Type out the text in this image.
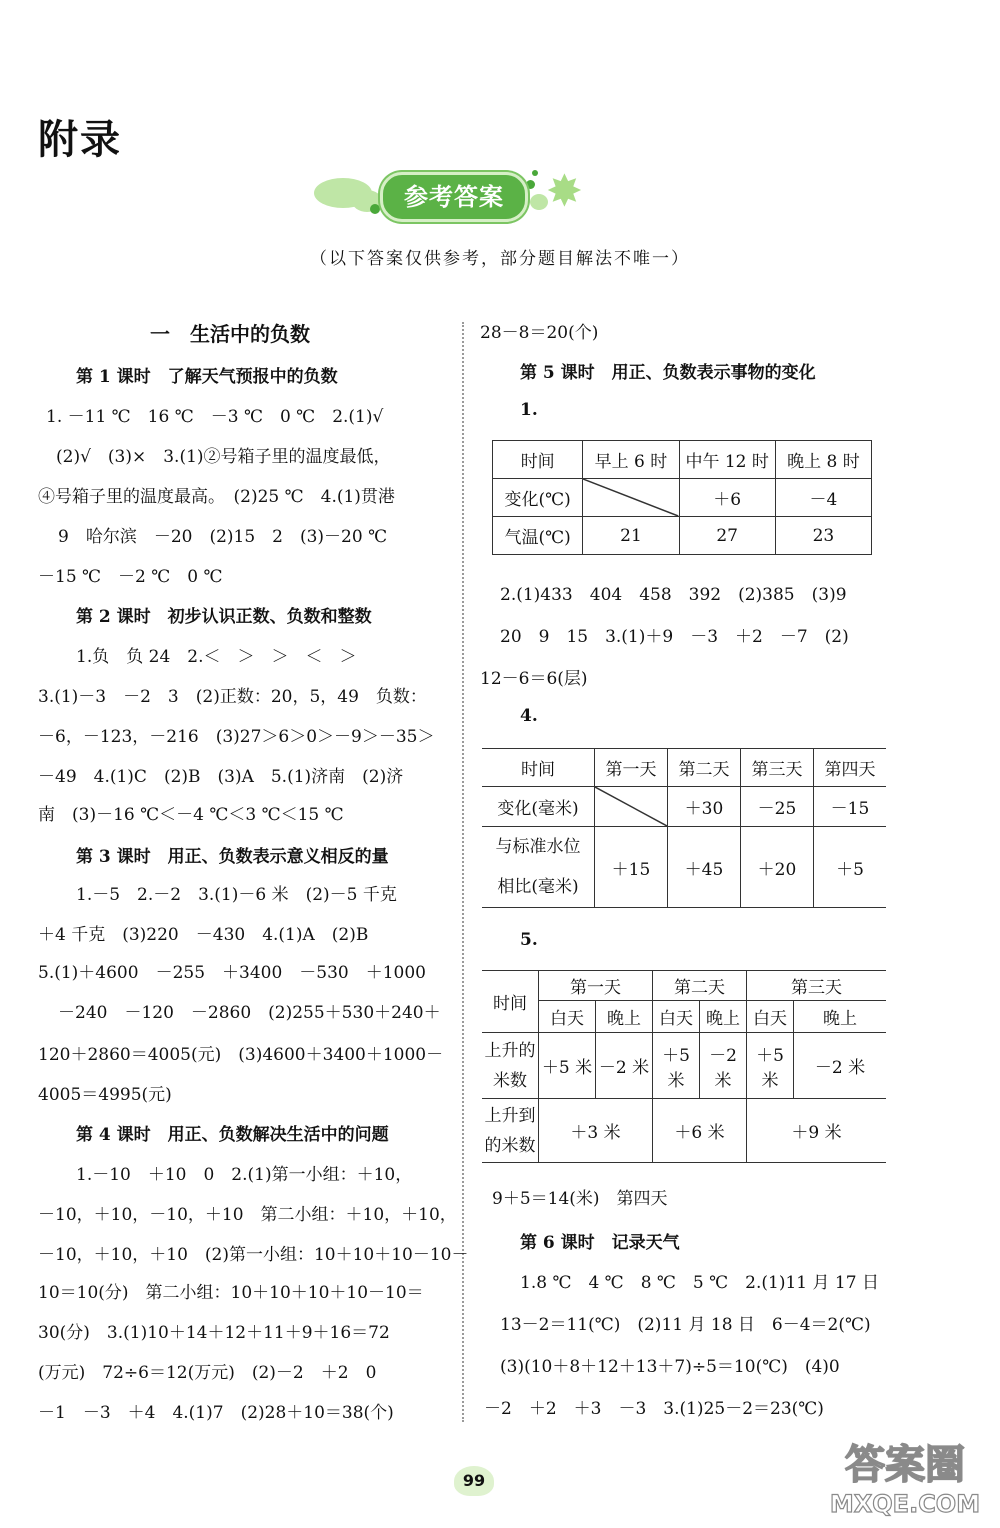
附录
✸
参考答案
（以下答案仅供参考，部分题目解法不唯一）
一　生活中的负数
第 1 课时　了解天气预报中的负数
1. －11 ℃　16 ℃　－3 ℃　0 ℃　2.(1)√
(2)√　(3)×　3.(1)②号箱子里的温度最低，
④号箱子里的温度最高。　(2)25 ℃　4.(1)贯港
9　哈尔滨　－20　(2)15　2　(3)－20 ℃
－15 ℃　－2 ℃　0 ℃
第 2 课时　初步认识正数、负数和整数
1.负　负 24　2.＜　＞　＞　＜　＞
3.(1)－3　－2　3　(2)正数：20，5，49　负数：
－6，－123，－216　(3)27＞6＞0＞－9＞－35＞
－49　4.(1)C　(2)B　(3)A　5.(1)济南　(2)济
南　(3)－16 ℃＜－4 ℃＜3 ℃＜15 ℃
第 3 课时　用正、负数表示意义相反的量
1.－5　2.－2　3.(1)－6 米　(2)－5 千克
＋4 千克　(3)220　－430　4.(1)A　(2)B
5.(1)＋4600　－255　＋3400　－530　＋1000
－240　－120　－2860　(2)255＋530＋240＋
120＋2860＝4005(元)　(3)4600＋3400＋1000－
4005＝4995(元)
第 4 课时　用正、负数解决生活中的问题
1.－10　＋10　0　2.(1)第一小组：＋10，
－10，＋10，－10，＋10　第二小组：＋10，＋10，
－10，＋10，＋10　(2)第一小组：10＋10＋10－10－
10＝10(分)　第二小组：10＋10＋10＋10－10＝
30(分)　3.(1)10＋14＋12＋11＋9＋16＝72
(万元)　72÷6＝12(万元)　(2)－2　＋2　0
－1　－3　＋4　4.(1)7　(2)28＋10＝38(个)
28－8＝20(个)
第 5 课时　用正、负数表示事物的变化
1.
时间	早上 6 时	中午 12 时	晚上 8 时
变化(℃)		＋6	－4
气温(℃)	21	27	23
2.(1)433　404　458　392　(2)385　(3)9
20　9　15　3.(1)＋9　－3　＋2　－7　(2)
12－6＝6(层)
4.
时间	第一天	第二天	第三天	第四天
变化(毫米)		＋30	－25	－15

与标准水位
相比(毫米)	＋15	＋45	＋20	＋5
5.
时间	第一天		第二天		第三天	
	白天	晚上	白天	晚上	白天	晚上

上升的
米数	＋5 米	－2 米	＋5 米	－2 米	＋5 米	－2 米

上升到
的米数	＋3 米		＋6 米		＋9 米	
9＋5＝14(米)　第四天
第 6 课时　记录天气
1.8 ℃　4 ℃　8 ℃　5 ℃　2.(1)11 月 17 日
13－2＝11(℃)　(2)11 月 18 日　6－4＝2(℃)
(3)(10＋8＋12＋13＋7)÷5＝10(℃)　(4)0
－2　＋2　＋3　－3　3.(1)25－2＝23(℃)
99	答案圈
MXQE.COM
